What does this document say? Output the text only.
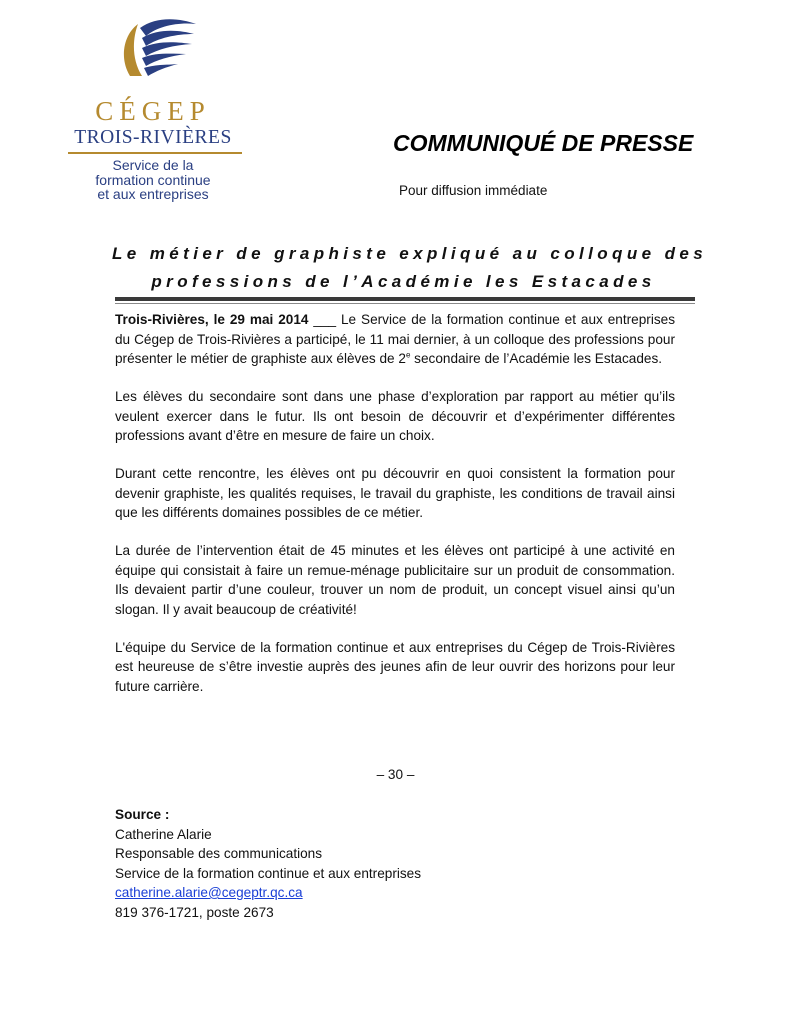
CÉGEP
TROIS-RIVIÈRES
Service de la
formation continue
et aux entreprises
COMMUNIQUÉ DE PRESSE
Pour diffusion immédiate
Le métier de graphiste expliqué au colloque des
professions de l’Académie les Estacades

Trois-Rivières, le 29 mai 2014 ___ Le Service de la formation continue et aux entreprises du Cégep de Trois-Rivières a participé, le 11 mai dernier, à un colloque des professions pour présenter le métier de graphiste aux élèves de 2e secondaire de l’Académie les Estacades.

Les élèves du secondaire sont dans une phase d’exploration par rapport au métier qu’ils veulent exercer dans le futur. Ils ont besoin de découvrir et d’expérimenter différentes professions avant d’être en mesure de faire un choix.

Durant cette rencontre, les élèves ont pu découvrir en quoi consistent la formation pour devenir graphiste, les qualités requises, le travail du graphiste, les conditions de travail ainsi que les différents domaines possibles de ce métier.

La durée de l’intervention était de 45 minutes et les élèves ont participé à une activité en équipe qui consistait à faire un remue-ménage publicitaire sur un produit de consommation. Ils devaient partir d’une couleur, trouver un nom de produit, un concept visuel ainsi qu’un slogan. Il y avait beaucoup de créativité!

L'équipe du Service de la formation continue et aux entreprises du Cégep de Trois-Rivières est heureuse de s’être investie auprès des jeunes afin de leur ouvrir des horizons pour leur future carrière.

– 30 –
Source :
Catherine Alarie
Responsable des communications
Service de la formation continue et aux entreprises
catherine.alarie@cegeptr.qc.ca
819 376-1721, poste 2673
